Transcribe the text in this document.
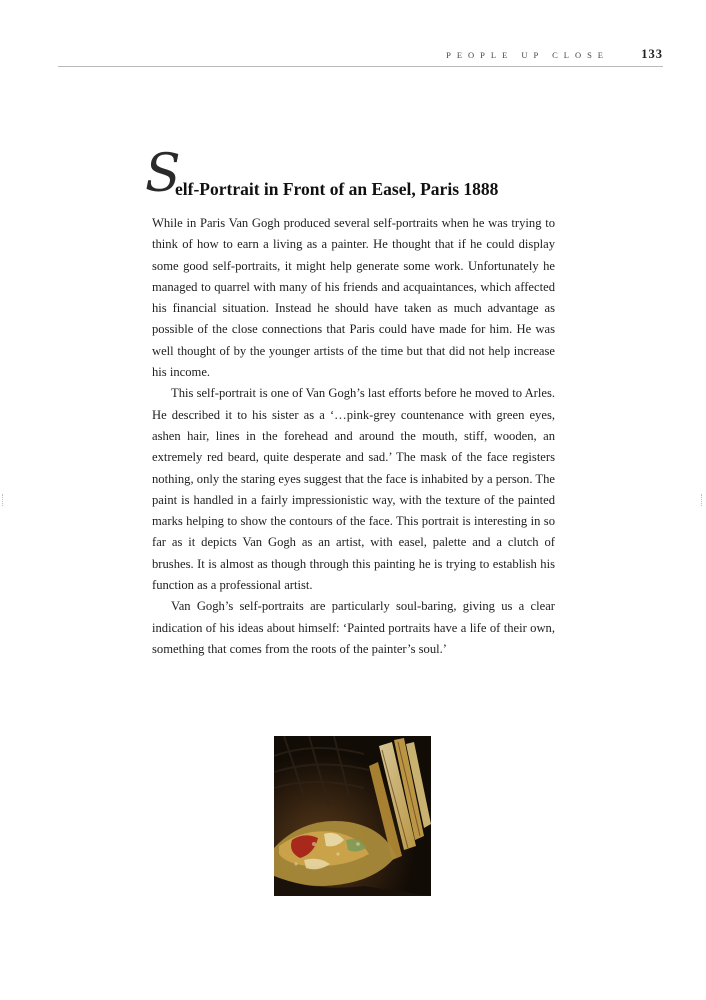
PEOPLE UP CLOSE	133
S
elf-Portrait in Front of an Easel, Paris 1888

While in Paris Van Gogh produced several self-portraits when he was trying to think of how to earn a living as a painter. He thought that if he could display some good self-portraits, it might help generate some work. Unfortunately he managed to quarrel with many of his friends and acquaintances, which affected his financial situation. Instead he should have taken as much advantage as possible of the close connections that Paris could have made for him. He was well thought of by the younger artists of the time but that did not help increase his income.

This self-portrait is one of Van Gogh’s last efforts before he moved to Arles. He described it to his sister as a ‘…pink-grey countenance with green eyes, ashen hair, lines in the forehead and around the mouth, stiff, wooden, an extremely red beard, quite desperate and sad.’ The mask of the face registers nothing, only the staring eyes suggest that the face is inhabited by a person. The paint is handled in a fairly impressionistic way, with the texture of the painted marks helping to show the contours of the face. This portrait is interesting in so far as it depicts Van Gogh as an artist, with easel, palette and a clutch of brushes. It is almost as though through this painting he is trying to establish his function as a professional artist.

Van Gogh’s self-portraits are particularly soul-baring, giving us a clear indication of his ideas about himself: ‘Painted portraits have a life of their own, something that comes from the roots of the painter’s soul.’
